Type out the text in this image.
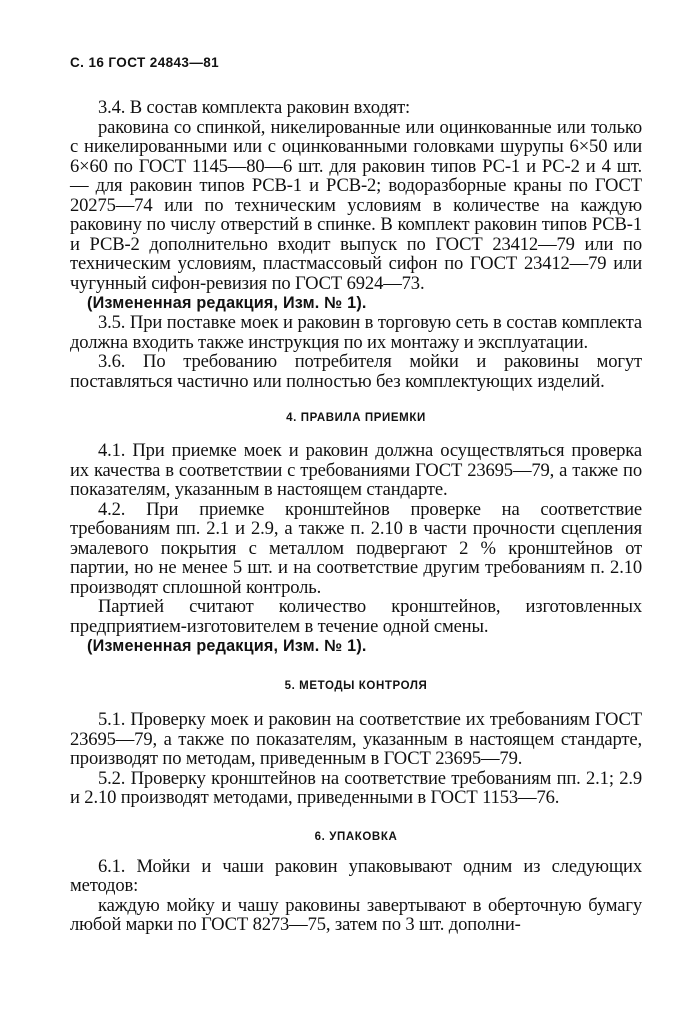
С. 16 ГОСТ 24843—81

3.4. В состав комплекта раковин входят:

раковина со спинкой, никелированные или оцинкованные или только с никелированными или с оцинкованными головками шурупы 6×50 или 6×60 по ГОСТ 1145—80—6 шт. для раковин типов РС-1 и РС-2 и 4 шт. — для раковин типов РСВ-1 и РСВ-2; водоразборные краны по ГОСТ 20275—74 или по техническим условиям в количестве на каждую раковину по числу отверстий в спинке. В комплект раковин типов РСВ-1 и РСВ-2 дополнительно входит выпуск по ГОСТ 23412—79 или по техническим условиям, пластмассовый сифон по ГОСТ 23412—79 или чугунный сифон-ревизия по ГОСТ 6924—73.

(Измененная редакция, Изм. № 1).

3.5. При поставке моек и раковин в торговую сеть в состав комплекта должна входить также инструкция по их монтажу и эксплуатации.

3.6. По требованию потребителя мойки и раковины могут поставляться частично или полностью без комплектующих изделий.

4. ПРАВИЛА ПРИЕМКИ

4.1. При приемке моек и раковин должна осуществляться проверка их качества в соответствии с требованиями ГОСТ 23695—79, а также по показателям, указанным в настоящем стандарте.

4.2. При приемке кронштейнов проверке на соответствие требованиям пп. 2.1 и 2.9, а также п. 2.10 в части прочности сцепления эмалевого покрытия с металлом подвергают 2 % кронштейнов от партии, но не менее 5 шт. и на соответствие другим требованиям п. 2.10 производят сплошной контроль.

Партией считают количество кронштейнов, изготовленных предприятием-изготовителем в течение одной смены.

(Измененная редакция, Изм. № 1).

5. МЕТОДЫ КОНТРОЛЯ

5.1. Проверку моек и раковин на соответствие их требованиям ГОСТ 23695—79, а также по показателям, указанным в настоящем стандарте, производят по методам, приведенным в ГОСТ 23695—79.

5.2. Проверку кронштейнов на соответствие требованиям пп. 2.1; 2.9 и 2.10 производят методами, приведенными в ГОСТ 1153—76.

6. УПАКОВКА

6.1. Мойки и чаши раковин упаковывают одним из следующих методов:

каждую мойку и чашу раковины завертывают в оберточную бумагу любой марки по ГОСТ 8273—75, затем по 3 шт. дополни-
